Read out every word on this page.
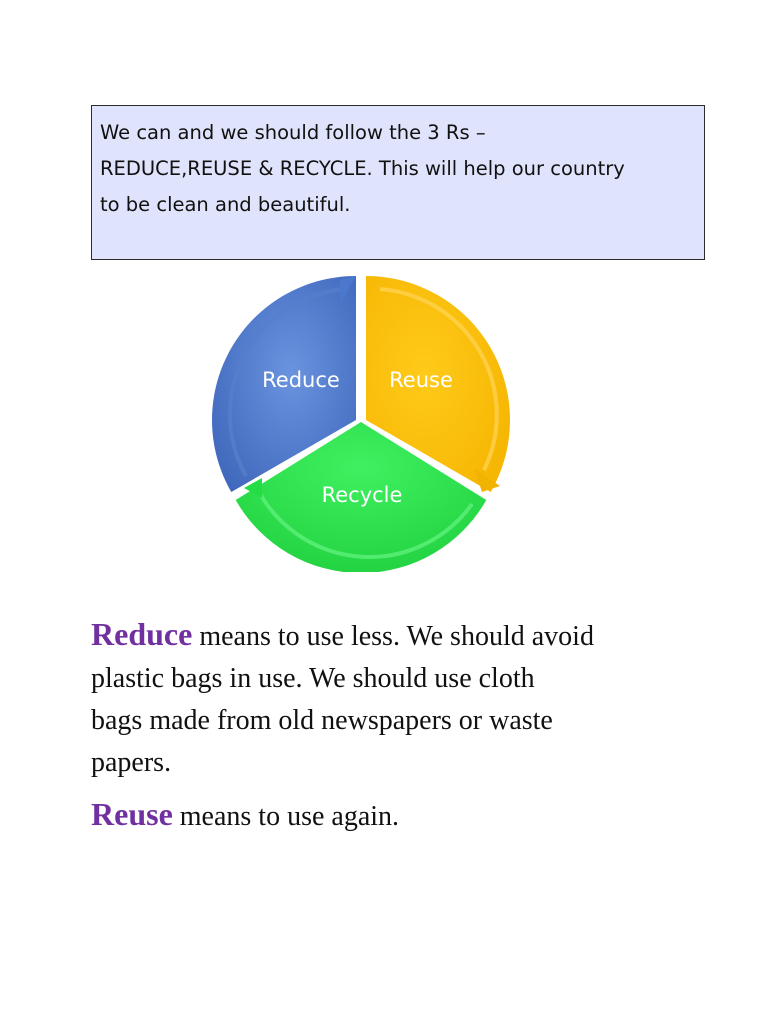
We can and we should follow the 3 Rs –
REDUCE,REUSE & RECYCLE. This will help our country
to be clean and beautiful.

Reduce Reuse
Recycle

Reduce means to use less. We should avoid
plastic bags in use. We should use cloth
bags made from old newspapers or waste
papers.

Reuse means to use again.
